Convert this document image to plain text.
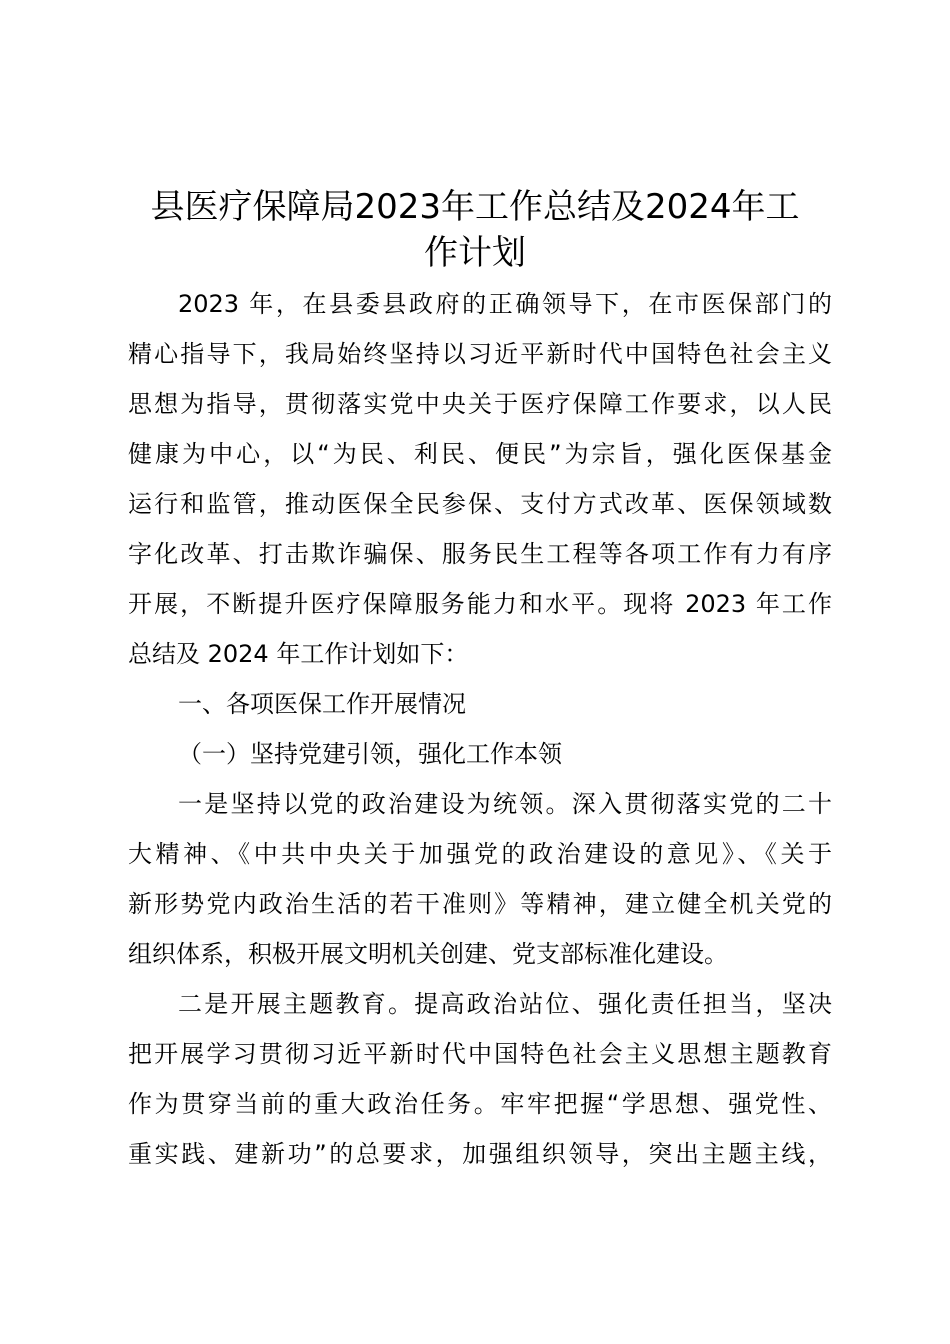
县医疗保障局2023年工作总结及2024年工
作计划

2023 年，在县委县政府的正确领导下，在市医保部门的

精心指导下，我局始终坚持以习近平新时代中国特色社会主义

思想为指导，贯彻落实党中央关于医疗保障工作要求，以人民

健康为中心，以“为民、利民、便民”为宗旨，强化医保基金

运行和监管，推动医保全民参保、支付方式改革、医保领域数

字化改革、打击欺诈骗保、服务民生工程等各项工作有力有序

开展，不断提升医疗保障服务能力和水平。现将 2023 年工作

总结及 2024 年工作计划如下：

一、各项医保工作开展情况

（一）坚持党建引领，强化工作本领

一是坚持以党的政治建设为统领。深入贯彻落实党的二十

大精神、《中共中央关于加强党的政治建设的意见》、《关于

新形势党内政治生活的若干准则》等精神，建立健全机关党的

组织体系，积极开展文明机关创建、党支部标准化建设。

二是开展主题教育。提高政治站位、强化责任担当，坚决

把开展学习贯彻习近平新时代中国特色社会主义思想主题教育

作为贯穿当前的重大政治任务。牢牢把握“学思想、强党性、

重实践、建新功”的总要求，加强组织领导，突出主题主线，
